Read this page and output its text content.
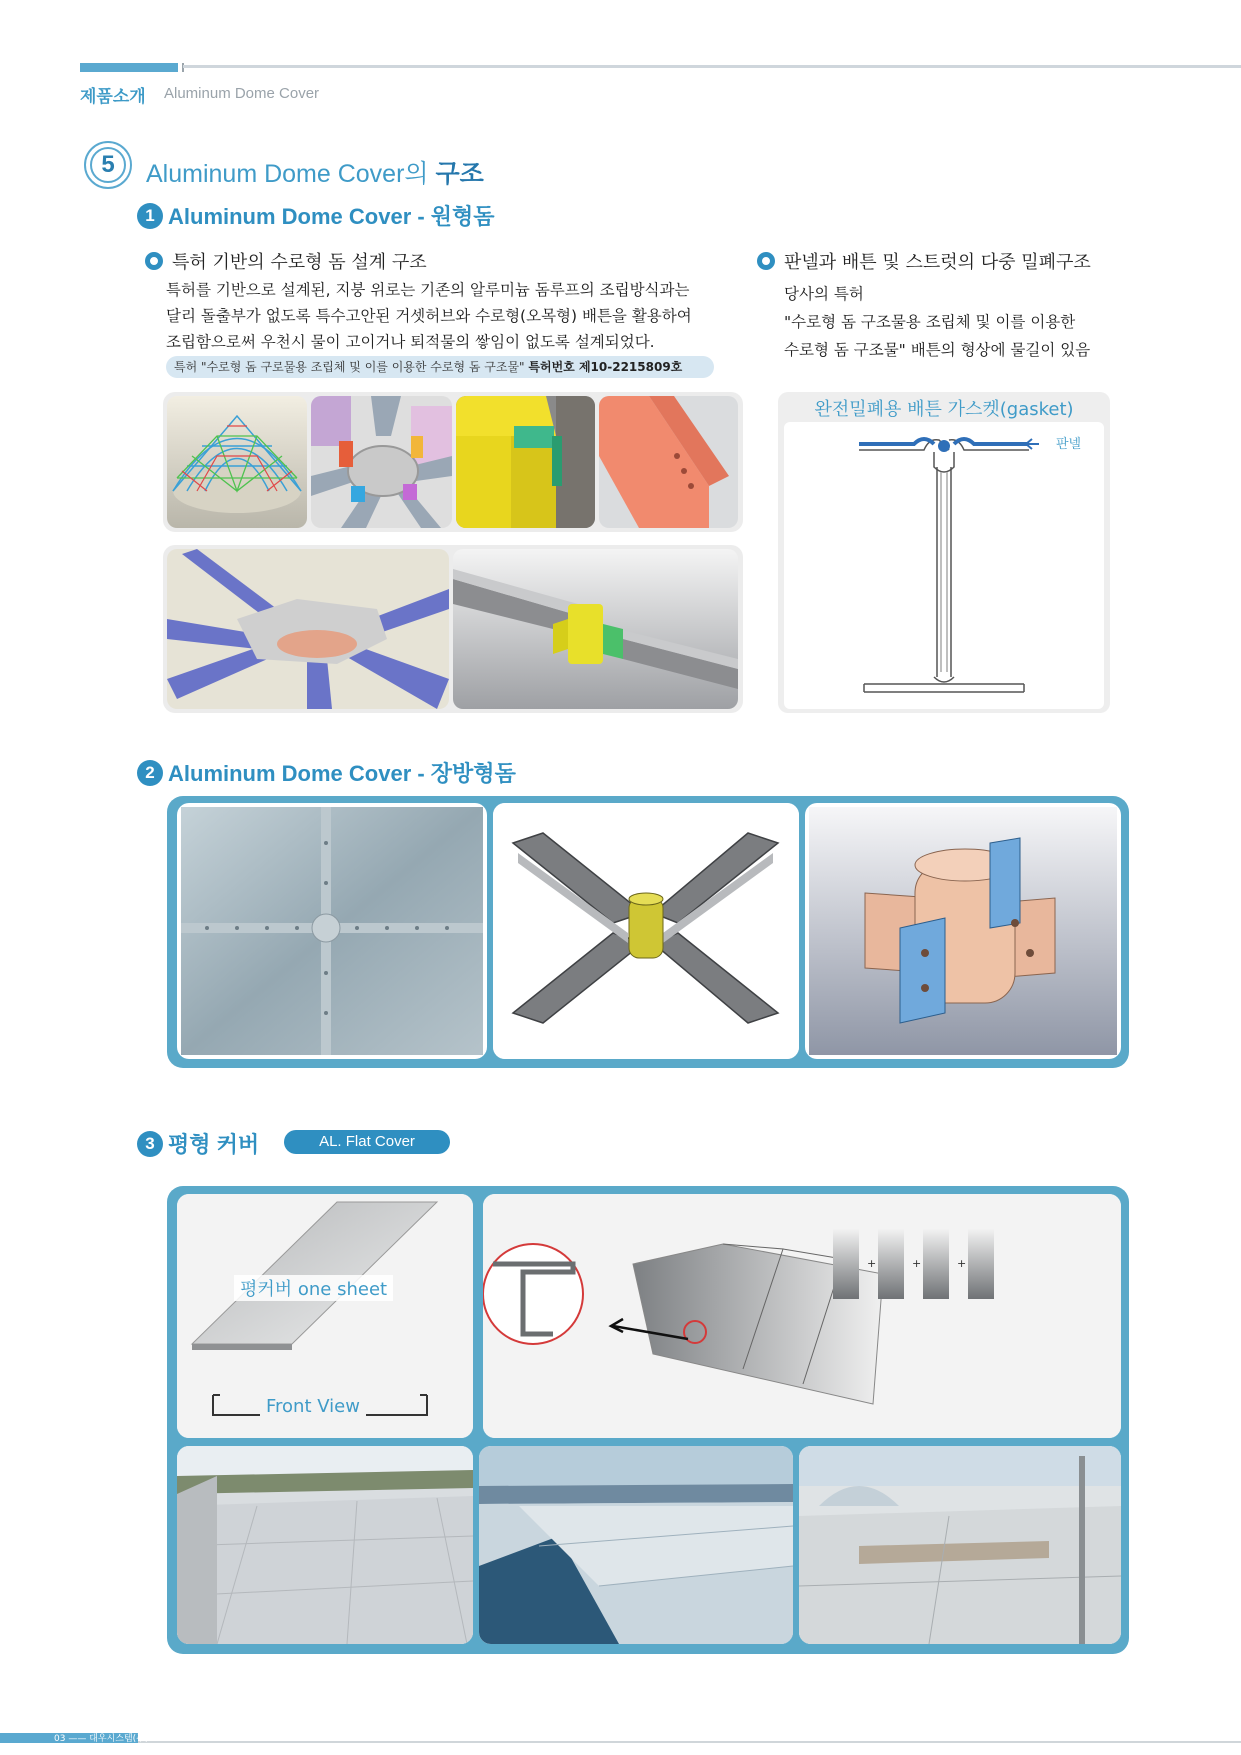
제품소개 Aluminum Dome Cover
5	Aluminum Dome Cover의 구조
1 Aluminum Dome Cover - 원형돔
특허 기반의 수로형 돔 설계 구조
특허를 기반으로 설계된, 지붕 위로는 기존의 알루미늄 돔루프의 조립방식과는
달리 돌출부가 없도록 특수고안된 거셋허브와 수로형(오목형) 배튼을 활용하여
조립함으로써 우천시 물이 고이거나 퇴적물의 쌓임이 없도록 설계되었다.
특허 "수로형 돔 구로물용 조립체 및 이를 이용한 수로형 돔 구조물" 특허번호 제10-2215809호
판넬과 배튼 및 스트럿의 다중 밀폐구조
당사의 특허
"수로형 돔 구조물용 조립체 및 이를 이용한
수로형 돔 구조물" 배튼의 형상에 물길이 있음
완전밀폐용 배튼 가스켓(gasket)
판넬
2 Aluminum Dome Cover - 장방형돔
3 평형 커버	AL. Flat Cover
평커버 one sheet
Front View
+	+	+
03 —— 대우시스템(주)
